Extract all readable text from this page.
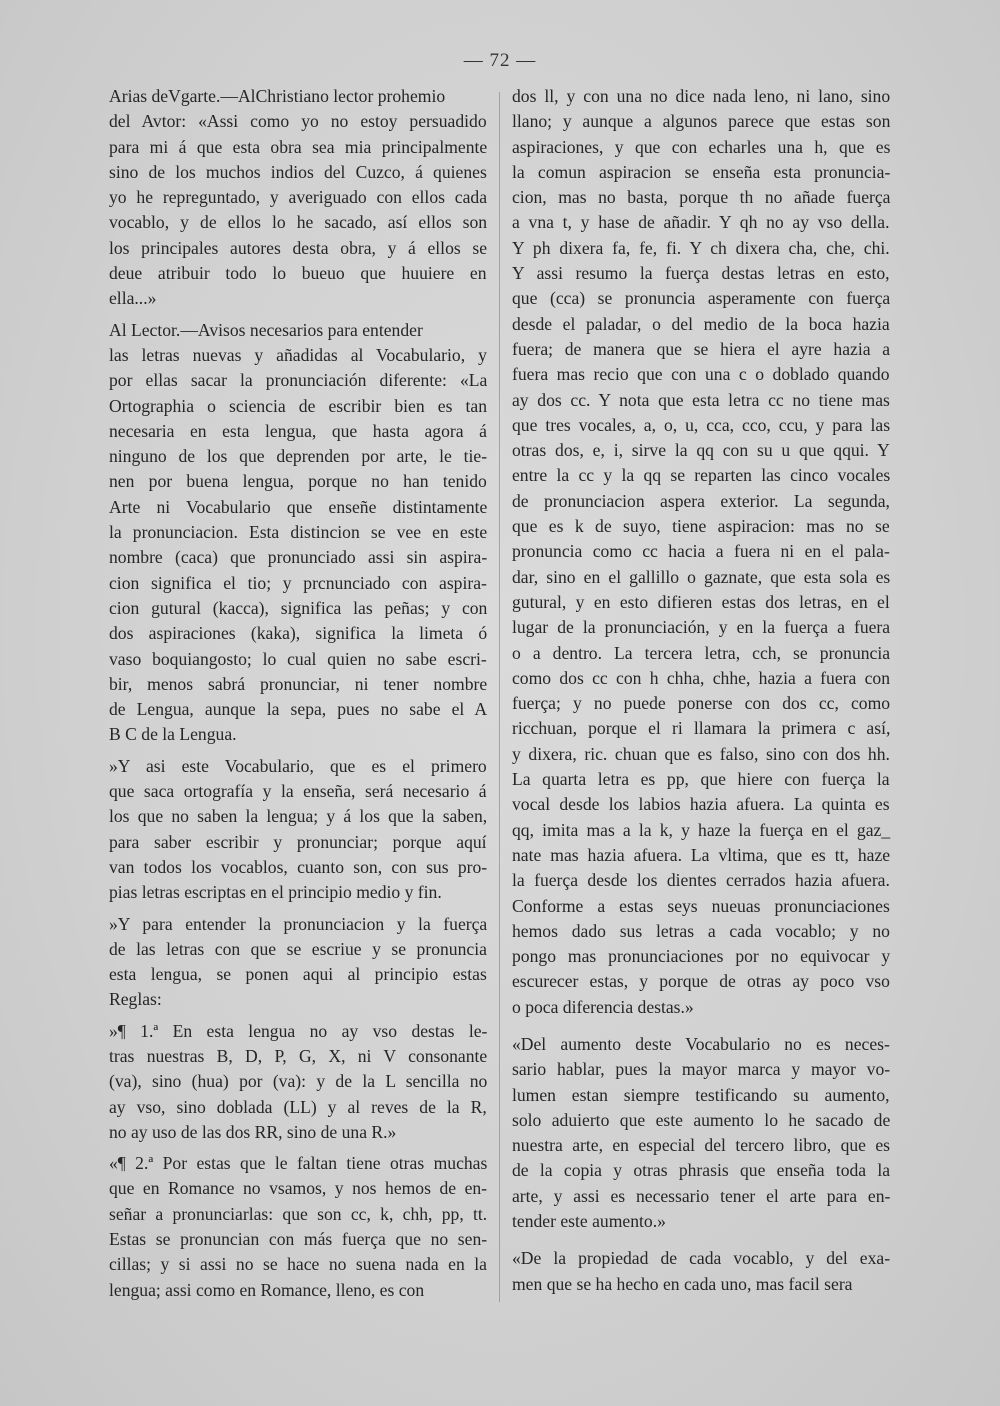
— 72 —
Arias deVgarte.—AlChristiano lector prohemio
del Avtor: «Assi como yo no estoy persuadido
para mi á que esta obra sea mia principalmente
sino de los muchos indios del Cuzco, á quienes
yo he repreguntado, y averiguado con ellos cada
vocablo, y de ellos lo he sacado, así ellos son
los principales autores desta obra, y á ellos se
deue atribuir todo lo bueuo que huuiere en
ella...»
Al Lector.—Avisos necesarios para entender
las letras nuevas y añadidas al Vocabulario, y
por ellas sacar la pronunciación diferente: «La
Ortographia o sciencia de escribir bien es tan
necesaria en esta lengua, que hasta agora á
ninguno de los que deprenden por arte, le tie-
nen por buena lengua, porque no han tenido
Arte ni Vocabulario que enseñe distintamente
la pronunciacion. Esta distincion se vee en este
nombre (caca) que pronunciado assi sin aspira-
cion significa el tio; y prcnunciado con aspira-
cion gutural (kacca), significa las peñas; y con
dos aspiraciones (kaka), significa la limeta ó
vaso boquiangosto; lo cual quien no sabe escri-
bir, menos sabrá pronunciar, ni tener nombre
de Lengua, aunque la sepa, pues no sabe el A
B C de la Lengua.
»Y asi este Vocabulario, que es el primero
que saca ortografía y la enseña, será necesario á
los que no saben la lengua; y á los que la saben,
para saber escribir y pronunciar; porque aquí
van todos los vocablos, cuanto son, con sus pro-
pias letras escriptas en el principio medio y fin.
»Y para entender la pronunciacion y la fuerça
de las letras con que se escriue y se pronuncia
esta lengua, se ponen aqui al principio estas
Reglas:
»¶ 1.ª En esta lengua no ay vso destas le-
tras nuestras B, D, P, G, X, ni V consonante
(va), sino (hua) por (va): y de la L sencilla no
ay vso, sino doblada (LL) y al reves de la R,
no ay uso de las dos RR, sino de una R.»
«¶ 2.ª Por estas que le faltan tiene otras muchas
que en Romance no vsamos, y nos hemos de en-
señar a pronunciarlas: que son cc, k, chh, pp, tt.
Estas se pronuncian con más fuerça que no sen-
cillas; y si assi no se hace no suena nada en la
lengua; assi como en Romance, lleno, es con
dos ll, y con una no dice nada leno, ni lano, sino
llano; y aunque a algunos parece que estas son
aspiraciones, y que con echarles una h, que es
la comun aspiracion se enseña esta pronuncia-
cion, mas no basta, porque th no añade fuerça
a vna t, y hase de añadir. Y qh no ay vso della.
Y ph dixera fa, fe, fi. Y ch dixera cha, che, chi.
Y assi resumo la fuerça destas letras en esto,
que (cca) se pronuncia asperamente con fuerça
desde el paladar, o del medio de la boca hazia
fuera; de manera que se hiera el ayre hazia a
fuera mas recio que con una c o doblado quando
ay dos cc. Y nota que esta letra cc no tiene mas
que tres vocales, a, o, u, cca, cco, ccu, y para las
otras dos, e, i, sirve la qq con su u que qqui. Y
entre la cc y la qq se reparten las cinco vocales
de pronunciacion aspera exterior. La segunda,
que es k de suyo, tiene aspiracion: mas no se
pronuncia como cc hacia a fuera ni en el pala-
dar, sino en el gallillo o gaznate, que esta sola es
gutural, y en esto difieren estas dos letras, en el
lugar de la pronunciación, y en la fuerça a fuera
o a dentro. La tercera letra, cch, se pronuncia
como dos cc con h chha, chhe, hazia a fuera con
fuerça; y no puede ponerse con dos cc, como
ricchuan, porque el ri llamara la primera c así,
y dixera, ric. chuan que es falso, sino con dos hh.
La quarta letra es pp, que hiere con fuerça la
vocal desde los labios hazia afuera. La quinta es
qq, imita mas a la k, y haze la fuerça en el gaz_
nate mas hazia afuera. La vltima, que es tt, haze
la fuerça desde los dientes cerrados hazia afuera.
Conforme a estas seys nueuas pronunciaciones
hemos dado sus letras a cada vocablo; y no
pongo mas pronunciaciones por no equivocar y
escurecer estas, y porque de otras ay poco vso
o poca diferencia destas.»
«Del aumento deste Vocabulario no es neces-
sario hablar, pues la mayor marca y mayor vo-
lumen estan siempre testificando su aumento,
solo aduierto que este aumento lo he sacado de
nuestra arte, en especial del tercero libro, que es
de la copia y otras phrasis que enseña toda la
arte, y assi es necessario tener el arte para en-
tender este aumento.»
«De la propiedad de cada vocablo, y del exa-
men que se ha hecho en cada uno, mas facil sera
